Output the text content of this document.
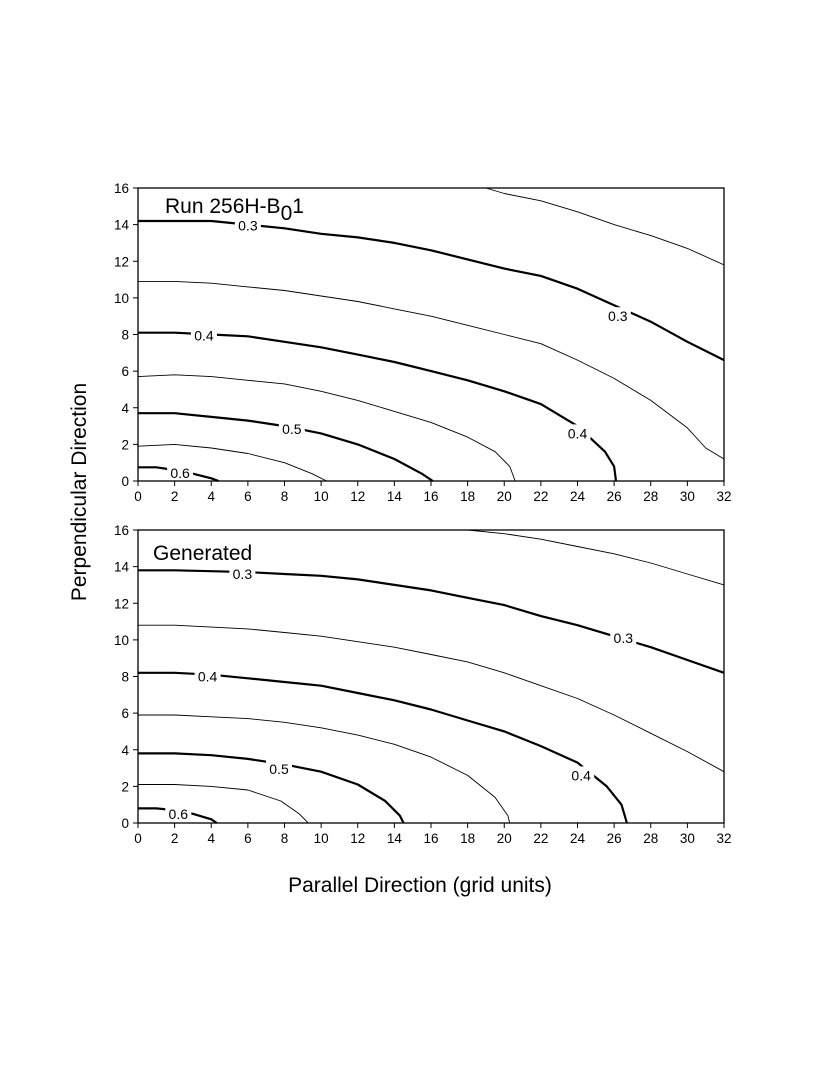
0.3
0.3
0.4
0.4
0.5
0.6
0 2 4 6 8 10 12 14 16 18 20 22 24 26 28 30 32
0
2
4
6
8
10
12
14
16
Run 256H-B01
0.3
0.3
0.4
0.4
0.5
0.6
0 2 4 6 8 10 12 14 16 18 20 22 24 26 28 30 32
0
2
4
6
8
10
12
14
16
Generated
Parallel Direction (grid units)
Perpendicular Direction
